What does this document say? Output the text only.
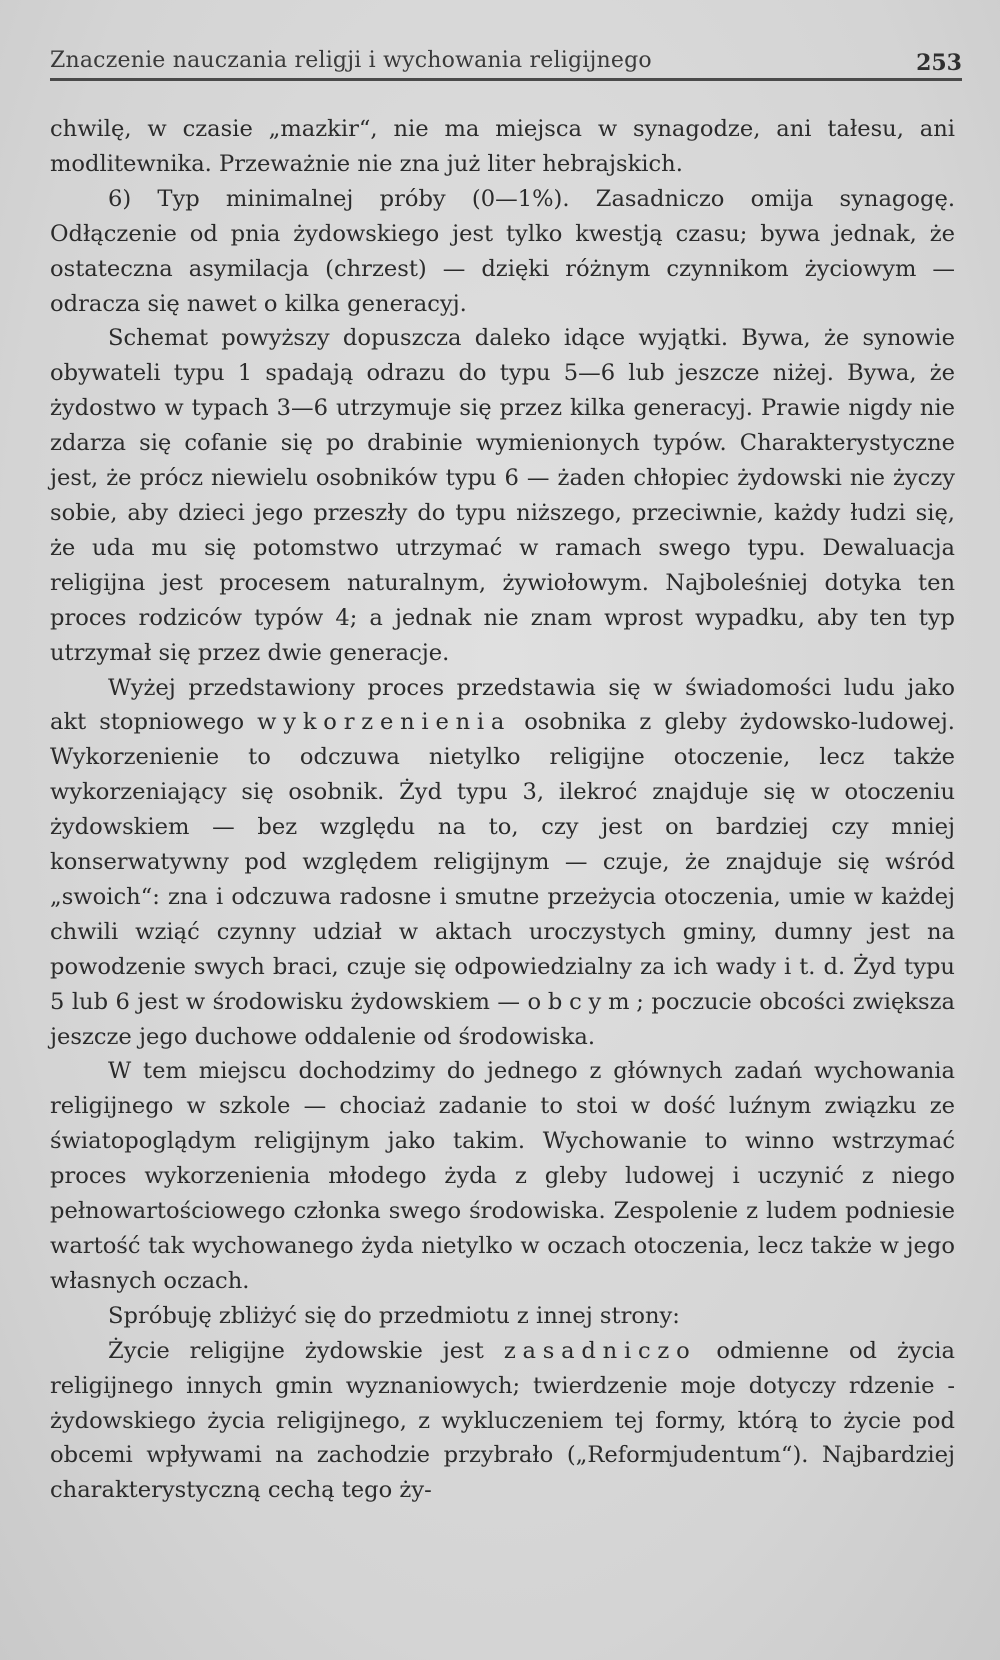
Znaczenie nauczania religji i wychowania religijnego	253

chwilę, w czasie „mazkir“, nie ma miejsca w synagodze, ani tałesu, ani modlitewnika. Przeważnie nie zna już liter hebrajskich.

6) Typ minimalnej próby (0—1%). Zasadniczo omija synagogę. Odłączenie od pnia żydowskiego jest tylko kwestją czasu; bywa jednak, że ostateczna asymilacja (chrzest) — dzięki różnym czynnikom życiowym — odracza się nawet o kilka generacyj.

Schemat powyższy dopuszcza daleko idące wyjątki. Bywa, że synowie obywateli typu 1 spadają odrazu do typu 5—6 lub jeszcze niżej. Bywa, że żydostwo w typach 3—6 utrzymuje się przez kilka generacyj. Prawie nigdy nie zdarza się cofanie się po drabinie wymienionych typów. Charakterystyczne jest, że prócz niewielu osobników typu 6 — żaden chłopiec żydowski nie życzy sobie, aby dzieci jego przeszły do typu niższego, przeciwnie, każdy łudzi się, że uda mu się potomstwo utrzymać w ramach swego typu. Dewaluacja religijna jest procesem naturalnym, żywiołowym. Najboleśniej dotyka ten proces rodziców typów 4; a jednak nie znam wprost wypadku, aby ten typ utrzymał się przez dwie generacje.

Wyżej przedstawiony proces przedstawia się w świadomości ludu jako akt stopniowego wykorzenienia osobnika z gleby żydowsko-ludowej. Wykorzenienie to odczuwa nietylko religijne otoczenie, lecz także wykorzeniający się osobnik. Żyd typu 3, ilekroć znajduje się w otoczeniu żydowskiem — bez względu na to, czy jest on bardziej czy mniej konserwatywny pod względem religijnym — czuje, że znajduje się wśród „swoich“: zna i odczuwa radosne i smutne przeżycia otoczenia, umie w każdej chwili wziąć czynny udział w aktach uroczystych gminy, dumny jest na powodzenie swych braci, czuje się odpowiedzialny za ich wady i t. d. Żyd typu 5 lub 6 jest w środowisku żydowskiem — obcym; poczucie obcości zwiększa jeszcze jego duchowe oddalenie od środowiska.

W tem miejscu dochodzimy do jednego z głównych zadań wychowania religijnego w szkole — chociaż zadanie to stoi w dość luźnym związku ze światopoglądym religijnym jako takim. Wychowanie to winno wstrzymać proces wykorzenienia młodego żyda z gleby ludowej i uczynić z niego pełnowartościowego członka swego środowiska. Zespolenie z ludem podniesie wartość tak wychowanego żyda nietylko w oczach otoczenia, lecz także w jego własnych oczach.

Spróbuję zbliżyć się do przedmiotu z innej strony:

Życie religijne żydowskie jest zasadniczo odmienne od życia religijnego innych gmin wyznaniowych; twierdzenie moje dotyczy rdzenie - żydowskiego życia religijnego, z wykluczeniem tej formy, którą to życie pod obcemi wpływami na zachodzie przybrało („Reformjudentum“). Najbardziej charakterystyczną cechą tego ży-
